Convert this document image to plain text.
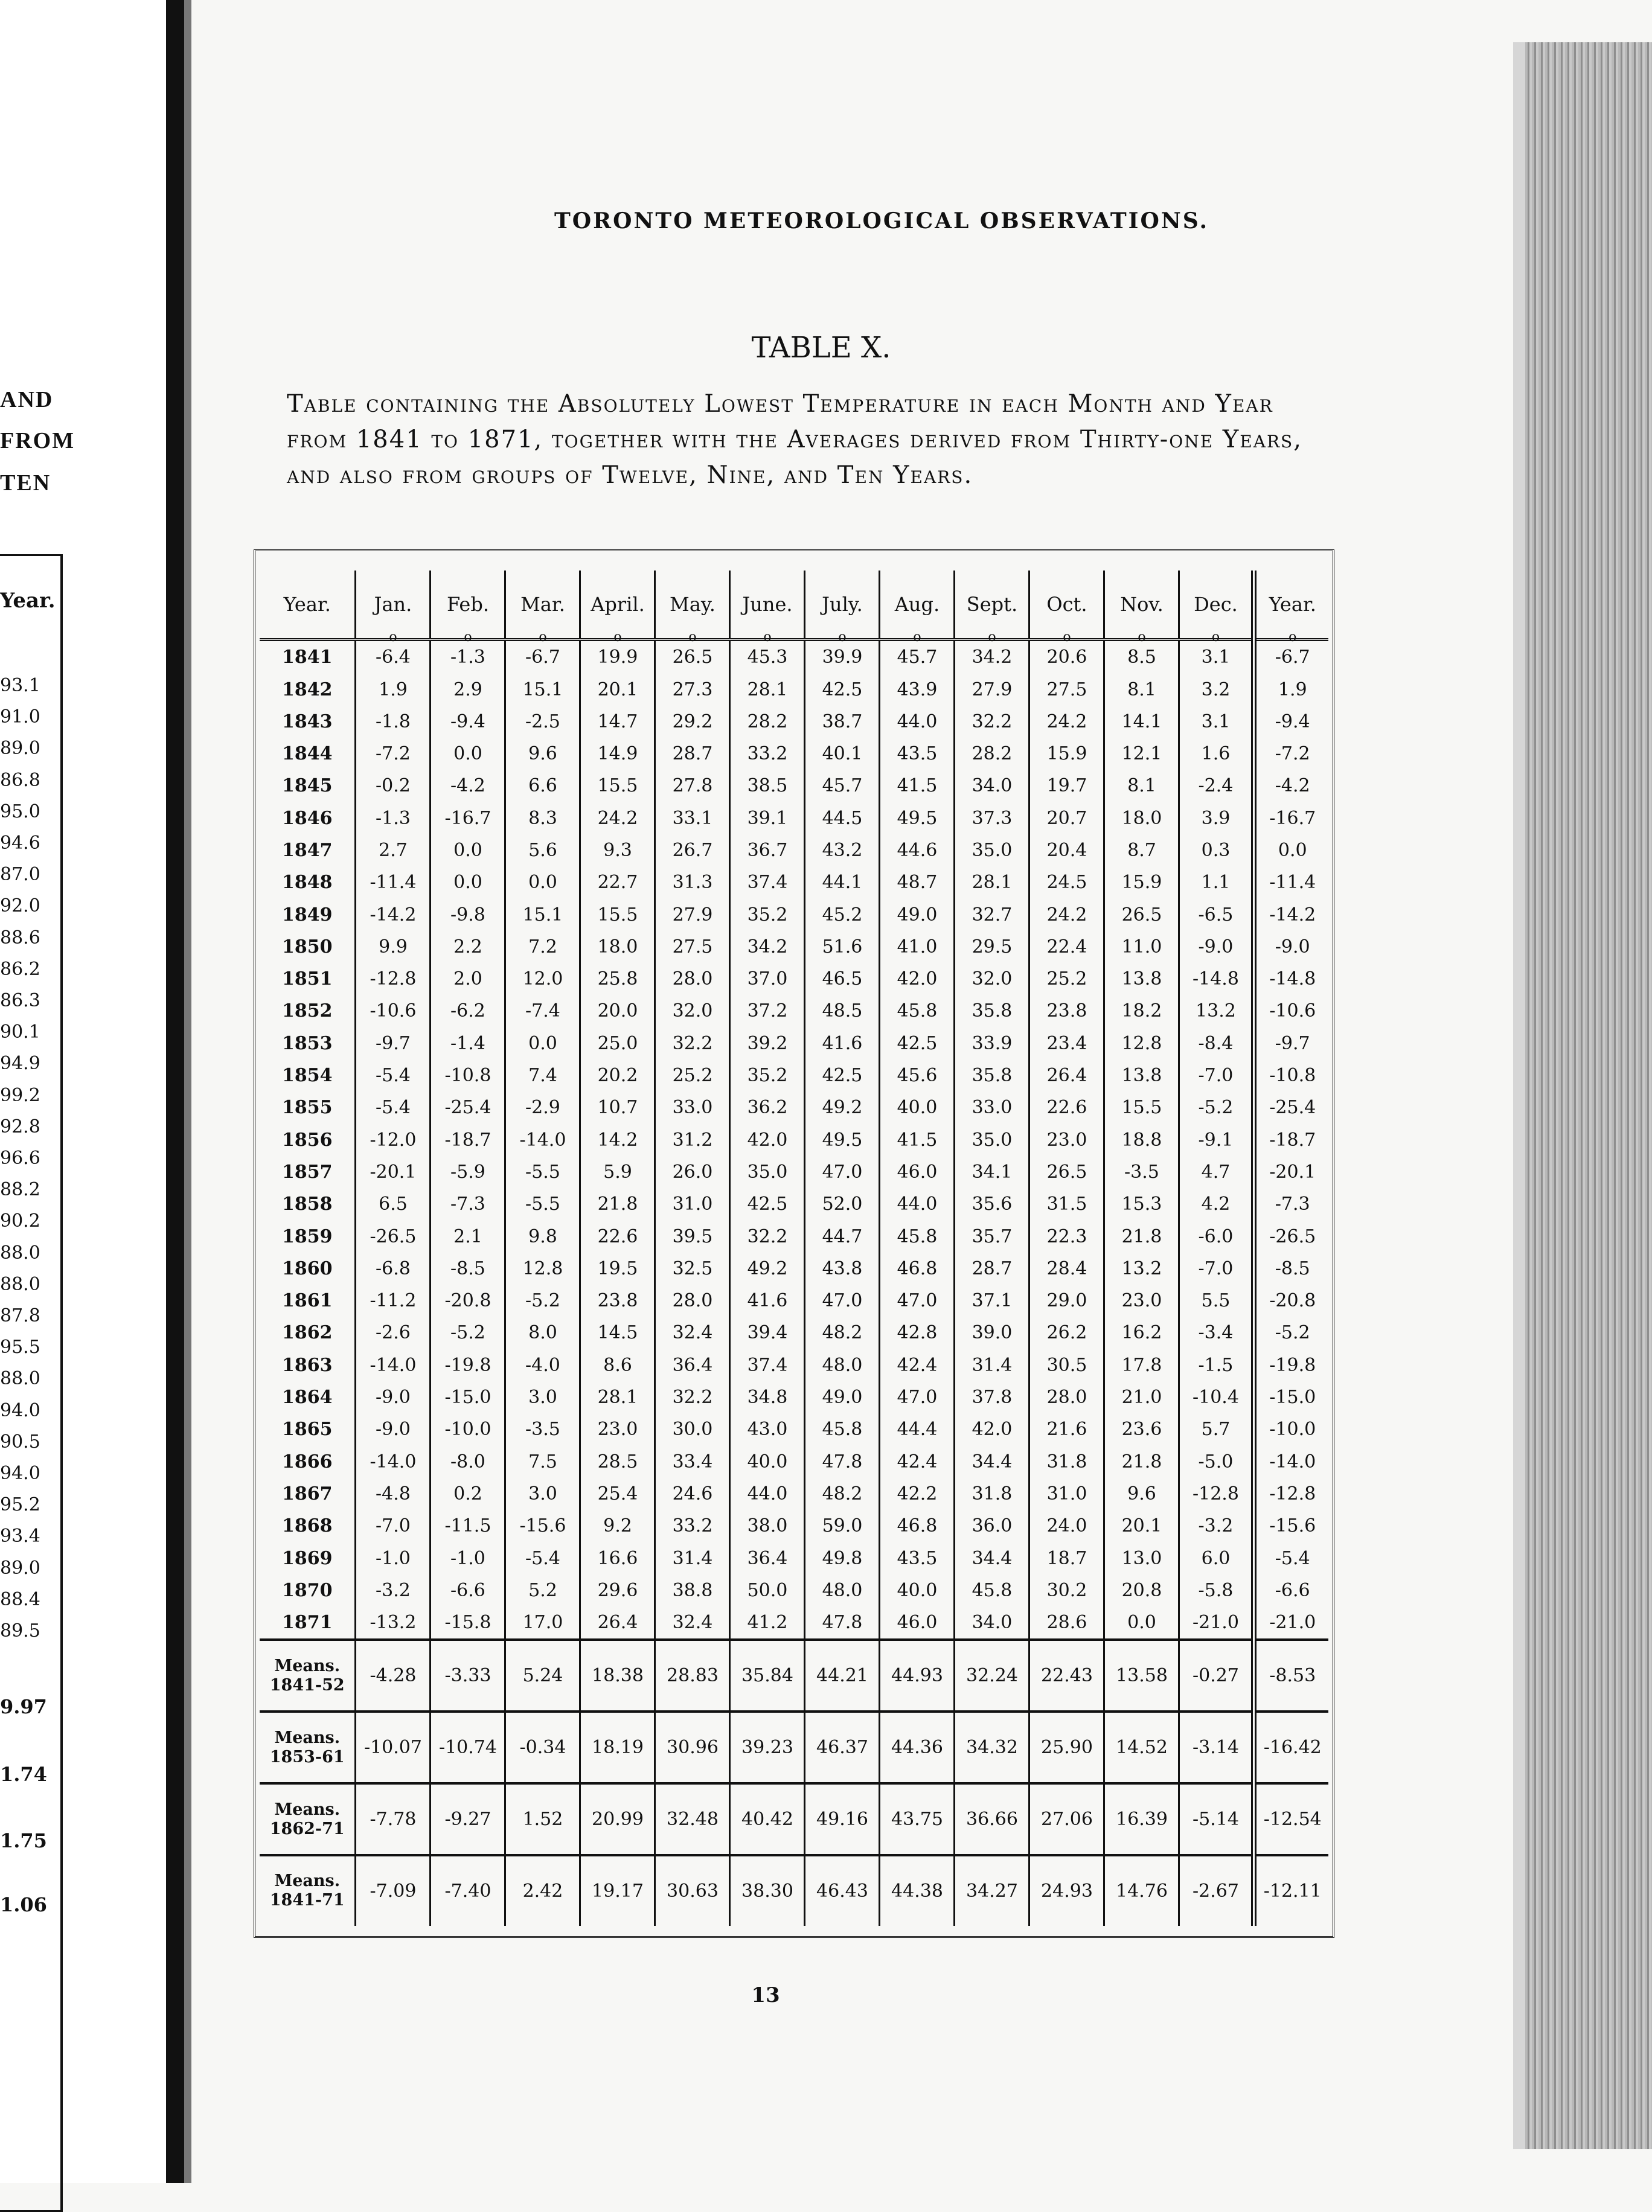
AND
FROM
TEN
Year.
93.1
91.0
89.0
86.8
95.0
94.6
87.0
92.0
88.6
86.2
86.3
90.1
94.9
99.2
92.8
96.6
88.2
90.2
88.0
88.0
87.8
95.5
88.0
94.0
90.5
94.0
95.2
93.4
89.0
88.4
89.5
9.97
1.74
1.75
1.06
TORONTO METEOROLOGICAL OBSERVATIONS.
TABLE X.
Table containing the Absolutely Lowest Temperature in each Month and Year from 1841 to 1871, together with the Averages derived from Thirty-one Years, and also from groups of Twelve, Nine, and Ten Years.
Year.	Jan.	Feb.	Mar.	April.	May.	June.	July.	Aug.	Sept.	Oct.	Nov.	Dec.	Year.
1841	o -6.4	o -1.3	o -6.7	o 19.9	o 26.5	o 45.3	o 39.9	o 45.7	o 34.2	o 20.6	o 8.5	o 3.1	o -6.7
1842	1.9	2.9	15.1	20.1	27.3	28.1	42.5	43.9	27.9	27.5	8.1	3.2	1.9
1843	-1.8	-9.4	-2.5	14.7	29.2	28.2	38.7	44.0	32.2	24.2	14.1	3.1	-9.4
1844	-7.2	0.0	9.6	14.9	28.7	33.2	40.1	43.5	28.2	15.9	12.1	1.6	-7.2
1845	-0.2	-4.2	6.6	15.5	27.8	38.5	45.7	41.5	34.0	19.7	8.1	-2.4	-4.2
1846	-1.3	-16.7	8.3	24.2	33.1	39.1	44.5	49.5	37.3	20.7	18.0	3.9	-16.7
1847	2.7	0.0	5.6	9.3	26.7	36.7	43.2	44.6	35.0	20.4	8.7	0.3	0.0
1848	-11.4	0.0	0.0	22.7	31.3	37.4	44.1	48.7	28.1	24.5	15.9	1.1	-11.4
1849	-14.2	-9.8	15.1	15.5	27.9	35.2	45.2	49.0	32.7	24.2	26.5	-6.5	-14.2
1850	9.9	2.2	7.2	18.0	27.5	34.2	51.6	41.0	29.5	22.4	11.0	-9.0	-9.0
1851	-12.8	2.0	12.0	25.8	28.0	37.0	46.5	42.0	32.0	25.2	13.8	-14.8	-14.8
1852	-10.6	-6.2	-7.4	20.0	32.0	37.2	48.5	45.8	35.8	23.8	18.2	13.2	-10.6
1853	-9.7	-1.4	0.0	25.0	32.2	39.2	41.6	42.5	33.9	23.4	12.8	-8.4	-9.7
1854	-5.4	-10.8	7.4	20.2	25.2	35.2	42.5	45.6	35.8	26.4	13.8	-7.0	-10.8
1855	-5.4	-25.4	-2.9	10.7	33.0	36.2	49.2	40.0	33.0	22.6	15.5	-5.2	-25.4
1856	-12.0	-18.7	-14.0	14.2	31.2	42.0	49.5	41.5	35.0	23.0	18.8	-9.1	-18.7
1857	-20.1	-5.9	-5.5	5.9	26.0	35.0	47.0	46.0	34.1	26.5	-3.5	4.7	-20.1
1858	6.5	-7.3	-5.5	21.8	31.0	42.5	52.0	44.0	35.6	31.5	15.3	4.2	-7.3
1859	-26.5	2.1	9.8	22.6	39.5	32.2	44.7	45.8	35.7	22.3	21.8	-6.0	-26.5
1860	-6.8	-8.5	12.8	19.5	32.5	49.2	43.8	46.8	28.7	28.4	13.2	-7.0	-8.5
1861	-11.2	-20.8	-5.2	23.8	28.0	41.6	47.0	47.0	37.1	29.0	23.0	5.5	-20.8
1862	-2.6	-5.2	8.0	14.5	32.4	39.4	48.2	42.8	39.0	26.2	16.2	-3.4	-5.2
1863	-14.0	-19.8	-4.0	8.6	36.4	37.4	48.0	42.4	31.4	30.5	17.8	-1.5	-19.8
1864	-9.0	-15.0	3.0	28.1	32.2	34.8	49.0	47.0	37.8	28.0	21.0	-10.4	-15.0
1865	-9.0	-10.0	-3.5	23.0	30.0	43.0	45.8	44.4	42.0	21.6	23.6	5.7	-10.0
1866	-14.0	-8.0	7.5	28.5	33.4	40.0	47.8	42.4	34.4	31.8	21.8	-5.0	-14.0
1867	-4.8	0.2	3.0	25.4	24.6	44.0	48.2	42.2	31.8	31.0	9.6	-12.8	-12.8
1868	-7.0	-11.5	-15.6	9.2	33.2	38.0	59.0	46.8	36.0	24.0	20.1	-3.2	-15.6
1869	-1.0	-1.0	-5.4	16.6	31.4	36.4	49.8	43.5	34.4	18.7	13.0	6.0	-5.4
1870	-3.2	-6.6	5.2	29.6	38.8	50.0	48.0	40.0	45.8	30.2	20.8	-5.8	-6.6
1871	-13.2	-15.8	17.0	26.4	32.4	41.2	47.8	46.0	34.0	28.6	0.0	-21.0	-21.0

Means.
1841-52	-4.28	-3.33	5.24	18.38	28.83	35.84	44.21	44.93	32.24	22.43	13.58	-0.27	-8.53

Means.
1853-61	-10.07	-10.74	-0.34	18.19	30.96	39.23	46.37	44.36	34.32	25.90	14.52	-3.14	-16.42

Means.
1862-71	-7.78	-9.27	1.52	20.99	32.48	40.42	49.16	43.75	36.66	27.06	16.39	-5.14	-12.54

Means.
1841-71	-7.09	-7.40	2.42	19.17	30.63	38.30	46.43	44.38	34.27	24.93	14.76	-2.67	-12.11
13
